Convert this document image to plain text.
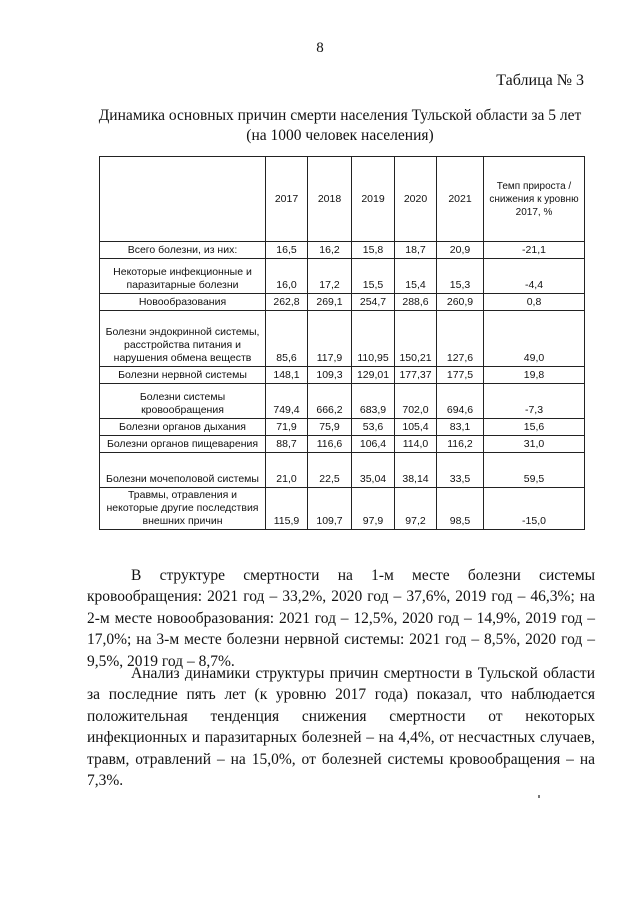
8
Таблица № 3
Динамика основных причин смерти населения Тульской области за 5 лет
(на 1000 человек населения)
	2017	2018	2019	2020	2021	Темп прироста /снижения к уровню 2017, %
Всего болезни, из них:	16,5	16,2	15,8	18,7	20,9	-21,1
Некоторые инфекционные и паразитарные болезни	16,0	17,2	15,5	15,4	15,3	-4,4
Новообразования	262,8	269,1	254,7	288,6	260,9	0,8
Болезни эндокринной системы, расстройства питания и нарушения обмена веществ	85,6	117,9	110,95	150,21	127,6	49,0
Болезни нервной системы	148,1	109,3	129,01	177,37	177,5	19,8
Болезни системы кровообращения	749,4	666,2	683,9	702,0	694,6	-7,3
Болезни органов дыхания	71,9	75,9	53,6	105,4	83,1	15,6
Болезни органов пищеварения	88,7	116,6	106,4	114,0	116,2	31,0
Болезни мочеполовой системы	21,0	22,5	35,04	38,14	33,5	59,5
Травмы, отравления и некоторые другие последствия внешних причин	115,9	109,7	97,9	97,2	98,5	-15,0

В структуре смертности на 1-м месте болезни системы кровообращения: 2021 год – 33,2%, 2020 год – 37,6%, 2019 год – 46,3%; на 2-м месте новообразования: 2021 год – 12,5%, 2020 год – 14,9%, 2019 год – 17,0%; на 3-м месте болезни нервной системы: 2021 год – 8,5%, 2020 год – 9,5%, 2019 год – 8,7%.

Анализ динамики структуры причин смертности в Тульской области за последние пять лет (к уровню 2017 года) показал, что наблюдается положительная тенденция снижения смертности от некоторых инфекционных и паразитарных болезней – на 4,4%, от несчастных случаев, травм, отравлений – на 15,0%, от болезней системы кровообращения – на 7,3%.
